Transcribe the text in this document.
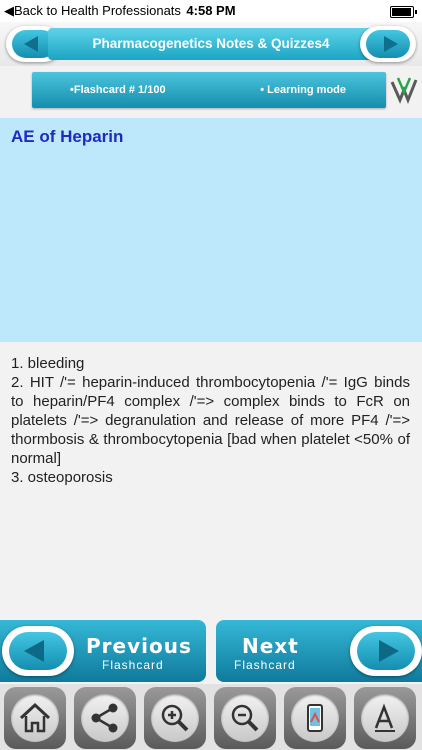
◀Back to Health Professionats 4:58 PM
Pharmacogenetics Notes & Quizzes4
•Flashcard # 1/100	• Learning mode
AE of Heparin

1. bleeding

2. HIT /'= heparin-induced thrombocytopenia /'= IgG binds to heparin/PF4 complex /'=> complex binds to FcR on platelets /'=> degranulation and release of more PF4 /'=> thormbosis & thrombocytopenia [bad when platelet <50% of normal]

3. osteoporosis

Previous
Flashcard
Next
Flashcard
